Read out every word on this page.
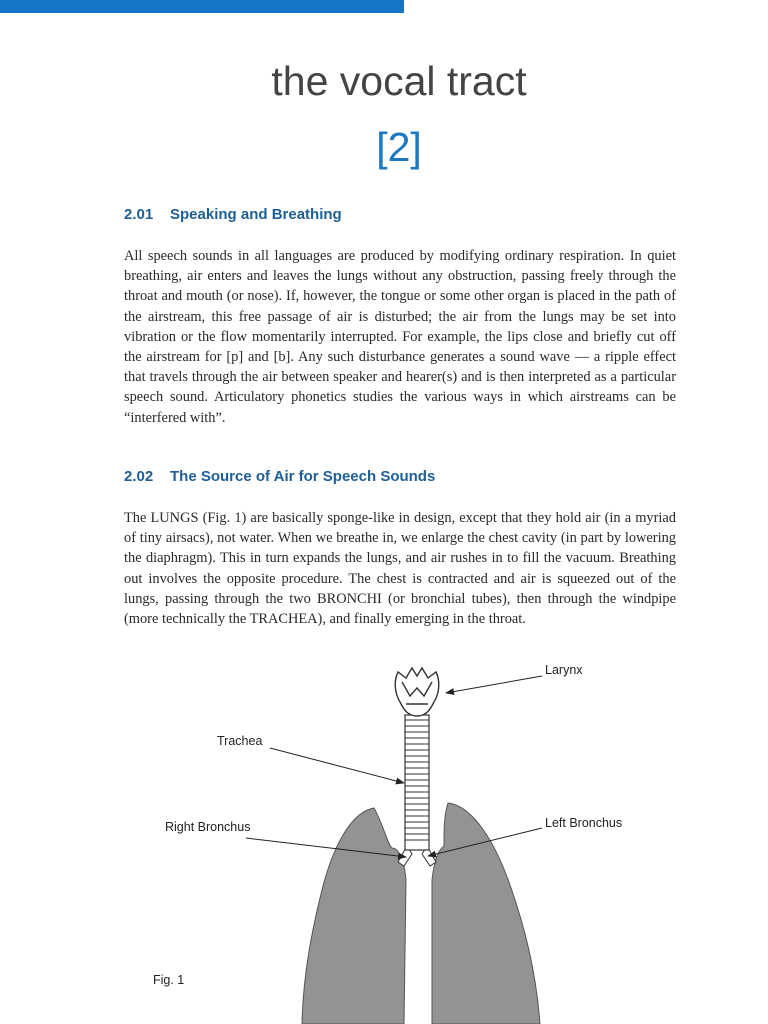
the vocal tract
[2]
2.01 Speaking and Breathing

All speech sounds in all languages are produced by modifying ordinary respiration. In quiet breathing, air enters and leaves the lungs without any obstruction, passing freely through the throat and mouth (or nose). If, however, the tongue or some other organ is placed in the path of the airstream, this free passage of air is disturbed; the air from the lungs may be set into vibration or the flow momentarily interrupted. For example, the lips close and briefly cut off the airstream for [p] and [b]. Any such disturbance generates a sound wave — a ripple effect that travels through the air between speaker and hearer(s) and is then interpreted as a particular speech sound. Articulatory phonetics studies the various ways in which airstreams can be “interfered with”.

2.02 The Source of Air for Speech Sounds

The LUNGS (Fig. 1) are basically sponge-like in design, except that they hold air (in a myriad of tiny airsacs), not water. When we breathe in, we enlarge the chest cavity (in part by lowering the diaphragm). This in turn expands the lungs, and air rushes in to fill the vacuum. Breathing out involves the opposite procedure. The chest is contracted and air is squeezed out of the lungs, passing through the two BRONCHI (or bronchial tubes), then through the windpipe (more technically the TRACHEA), and finally emerging in the throat.

Larynx
Trachea
Right Bronchus	Left Bronchus
Fig. 1
